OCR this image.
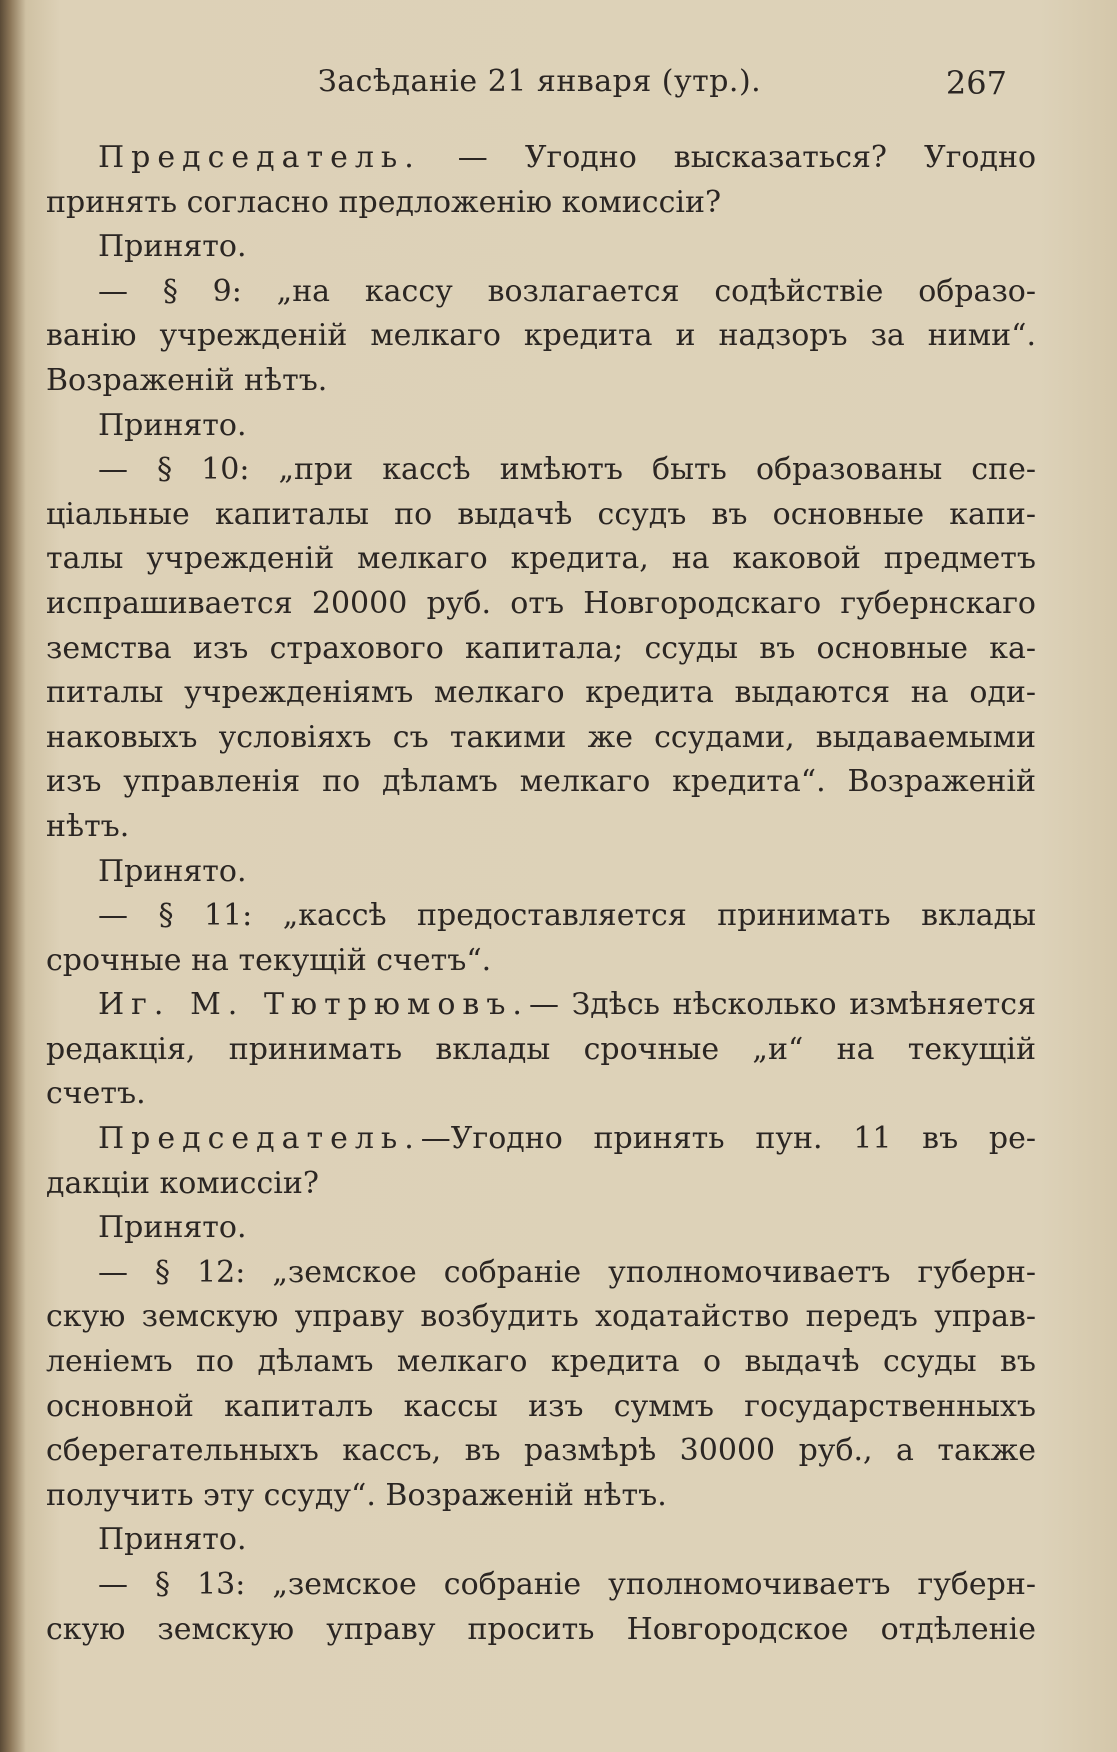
Засѣданіе 21 января (утр.).	267
Председатель. — Угодно высказаться? Угодно
принять согласно предложенію комиссіи?
Принято.
— § 9: „на кассу возлагается содѣйствіе образо-
ванію учрежденій мелкаго кредита и надзоръ за ними“.
Возраженій нѣтъ.
Принято.
— § 10: „при кассѣ имѣютъ быть образованы спе-
ціальные капиталы по выдачѣ ссудъ въ основные капи-
талы учрежденій мелкаго кредита, на каковой предметъ
испрашивается 20000 руб. отъ Новгородскаго губернскаго
земства изъ страхового капитала; ссуды въ основные ка-
питалы учрежденіямъ мелкаго кредита выдаются на оди-
наковыхъ условіяхъ съ такими же ссудами, выдаваемыми
изъ управленія по дѣламъ мелкаго кредита“. Возраженій
нѣтъ.
Принято.
— § 11: „кассѣ предоставляется принимать вклады
срочные на текущій счетъ“.
Иг. М. Тютрюмовъ.— Здѣсь нѣсколько измѣняется
редакція, принимать вклады срочные „и“ на текущій
счетъ.
Председатель.—Угодно принять пун. 11 въ ре-
дакціи комиссіи?
Принято.
— § 12: „земское собраніе уполномочиваетъ губерн-
скую земскую управу возбудить ходатайство передъ управ-
леніемъ по дѣламъ мелкаго кредита о выдачѣ ссуды въ
основной капиталъ кассы изъ суммъ государственныхъ
сберегательныхъ кассъ, въ размѣрѣ 30000 руб., а также
получить эту ссуду“. Возраженій нѣтъ.
Принято.
— § 13: „земское собраніе уполномочиваетъ губерн-
скую земскую управу просить Новгородское отдѣленіе
